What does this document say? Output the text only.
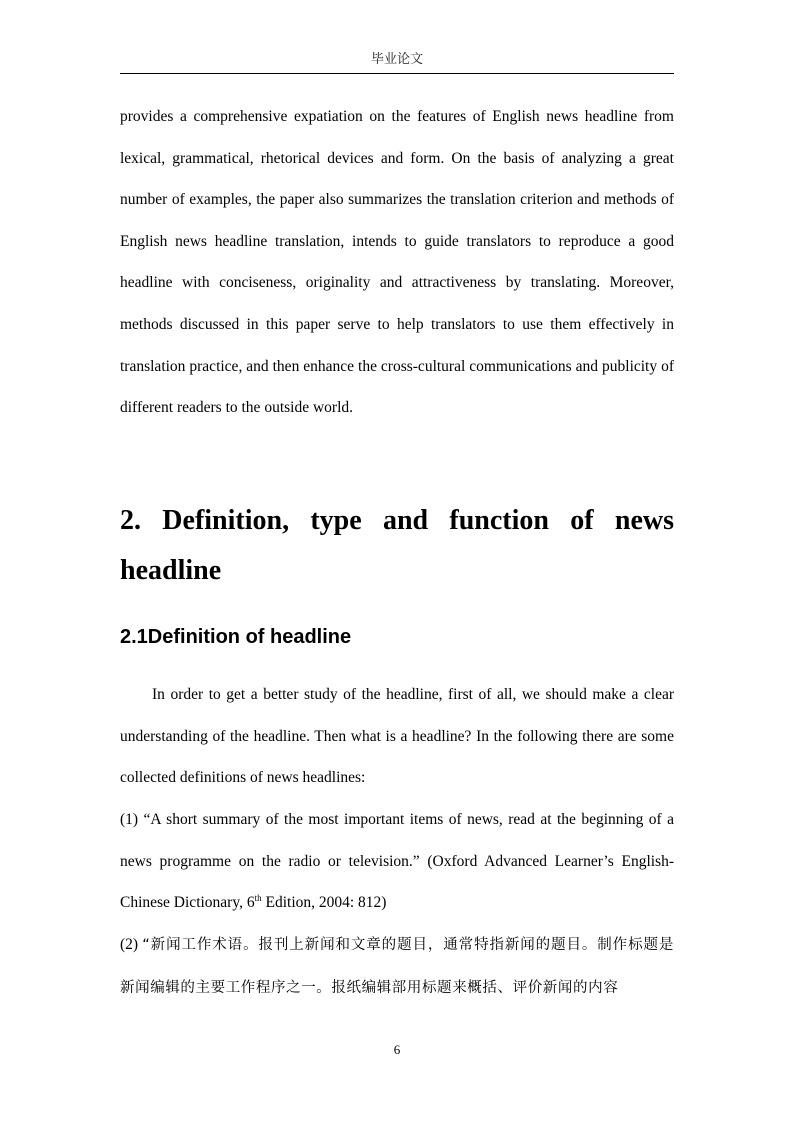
毕业论文

provides a comprehensive expatiation on the features of English news headline from lexical, grammatical, rhetorical devices and form. On the basis of analyzing a great number of examples, the paper also summarizes the translation criterion and methods of English news headline translation, intends to guide translators to reproduce a good headline with conciseness, originality and attractiveness by translating. Moreover, methods discussed in this paper serve to help translators to use them effectively in translation practice, and then enhance the cross-cultural communications and publicity of different readers to the outside world.

2. Definition, type and function of news headline
2.1Definition of headline

In order to get a better study of the headline, first of all, we should make a clear understanding of the headline. Then what is a headline? In the following there are some collected definitions of news headlines:

(1) “A short summary of the most important items of news, read at the beginning of a news programme on the radio or television.” (Oxford Advanced Learner’s English-Chinese Dictionary, 6th Edition, 2004: 812)

(2) “新闻工作术语。报刊上新闻和文章的题目，通常特指新闻的题目。制作标题是新闻编辑的主要工作程序之一。报纸编辑部用标题来概括、评价新闻的内容

6
